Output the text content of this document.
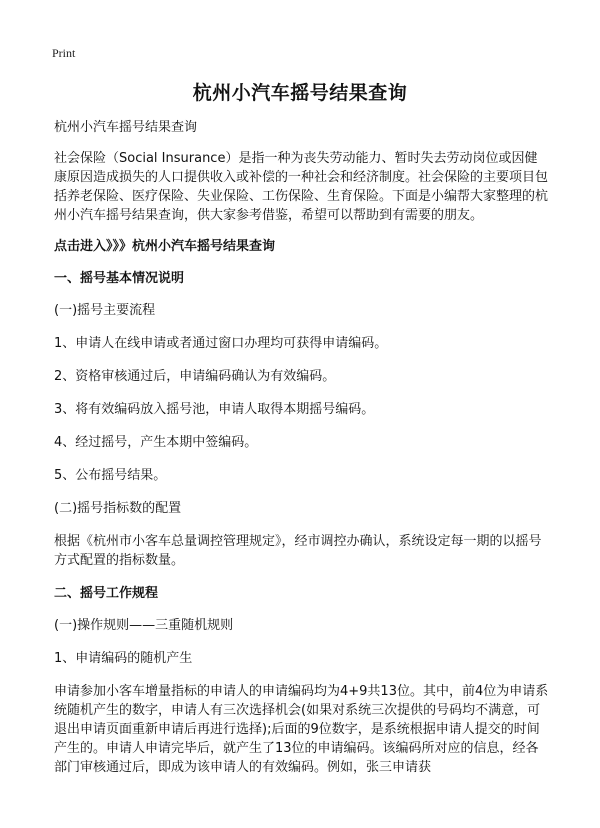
Print
杭州小汽车摇号结果查询

杭州小汽车摇号结果查询

社会保险（Social Insurance）是指一种为丧失劳动能力、暂时失去劳动岗位或因健康原因造成损失的人口提供收入或补偿的一种社会和经济制度。社会保险的主要项目包括养老保险、医疗保险、失业保险、工伤保险、生育保险。下面是小编帮大家整理的杭州小汽车摇号结果查询，供大家参考借鉴，希望可以帮助到有需要的朋友。

点击进入》》》杭州小汽车摇号结果查询

一、摇号基本情况说明

(一)摇号主要流程

1、申请人在线申请或者通过窗口办理均可获得申请编码。

2、资格审核通过后，申请编码确认为有效编码。

3、将有效编码放入摇号池，申请人取得本期摇号编码。

4、经过摇号，产生本期中签编码。

5、公布摇号结果。

(二)摇号指标数的配置

根据《杭州市小客车总量调控管理规定》，经市调控办确认，系统设定每一期的以摇号方式配置的指标数量。

二、摇号工作规程

(一)操作规则——三重随机规则

1、申请编码的随机产生

申请参加小客车增量指标的申请人的申请编码均为4+9共13位。其中，前4位为申请系统随机产生的数字，申请人有三次选择机会(如果对系统三次提供的号码均不满意，可退出申请页面重新申请后再进行选择);后面的9位数字，是系统根据申请人提交的时间产生的。申请人申请完毕后，就产生了13位的申请编码。该编码所对应的信息，经各部门审核通过后，即成为该申请人的有效编码。例如，张三申请获
